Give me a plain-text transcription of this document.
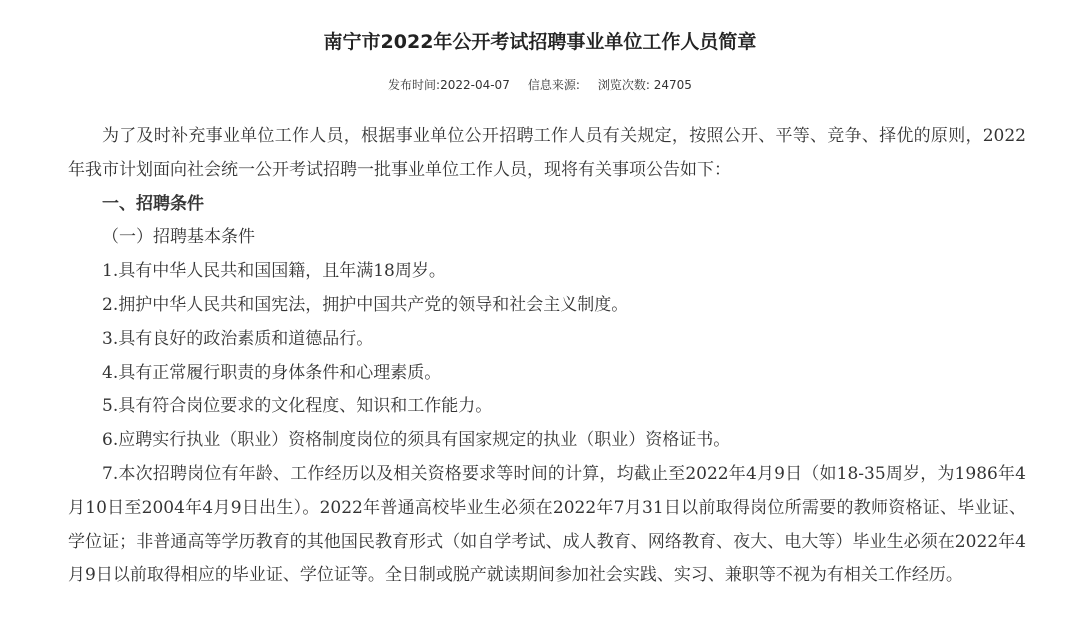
南宁市2022年公开考试招聘事业单位工作人员简章
发布时间:2022-04-07 信息来源: 浏览次数: 24705

为了及时补充事业单位工作人员，根据事业单位公开招聘工作人员有关规定，按照公开、平等、竞争、择优的原则，2022年我市计划面向社会统一公开考试招聘一批事业单位工作人员，现将有关事项公告如下：

一、招聘条件

（一）招聘基本条件

1.具有中华人民共和国国籍，且年满18周岁。

2.拥护中华人民共和国宪法，拥护中国共产党的领导和社会主义制度。

3.具有良好的政治素质和道德品行。

4.具有正常履行职责的身体条件和心理素质。

5.具有符合岗位要求的文化程度、知识和工作能力。

6.应聘实行执业（职业）资格制度岗位的须具有国家规定的执业（职业）资格证书。

7.本次招聘岗位有年龄、工作经历以及相关资格要求等时间的计算，均截止至2022年4月9日（如18-35周岁，为1986年4月10日至2004年4月9日出生）。2022年普通高校毕业生必须在2022年7月31日以前取得岗位所需要的教师资格证、毕业证、学位证；非普通高等学历教育的其他国民教育形式（如自学考试、成人教育、网络教育、夜大、电大等）毕业生必须在2022年4月9日以前取得相应的毕业证、学位证等。全日制或脱产就读期间参加社会实践、实习、兼职等不视为有相关工作经历。
